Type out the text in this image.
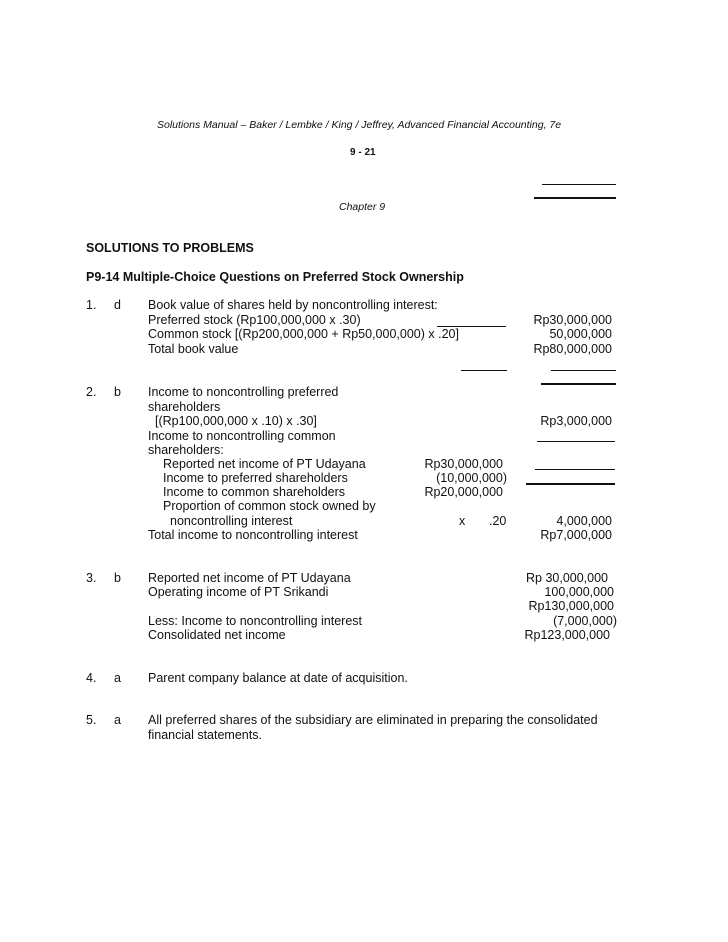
Solutions Manual – Baker / Lembke / King / Jeffrey, Advanced Financial Accounting, 7e
9 - 21
Chapter 9
SOLUTIONS TO PROBLEMS
P9-14 Multiple-Choice Questions on Preferred Stock Ownership
1. d Book value of shares held by noncontrolling interest:
Preferred stock (Rp100,000,000 x .30)	Rp30,000,000
Common stock [(Rp200,000,000 + Rp50,000,000) x .20]	50,000,000
Total book value	Rp80,000,000
2. b Income to noncontrolling preferred
shareholders
[(Rp100,000,000 x .10) x .30]	Rp3,000,000
Income to noncontrolling common
shareholders:
Reported net income of PT Udayana	Rp30,000,000
Income to preferred shareholders	(10,000,000)
Income to common shareholders	Rp20,000,000
Proportion of common stock owned by
noncontrolling interest	x .20	4,000,000
Total income to noncontrolling interest	Rp7,000,000
3. b Reported net income of PT Udayana	Rp 30,000,000
Operating income of PT Srikandi	100,000,000
Rp130,000,000
Less: Income to noncontrolling interest	(7,000,000)
Consolidated net income	Rp123,000,000
4. a Parent company balance at date of acquisition.
5. a All preferred shares of the subsidiary are eliminated in preparing the consolidated
financial statements.
